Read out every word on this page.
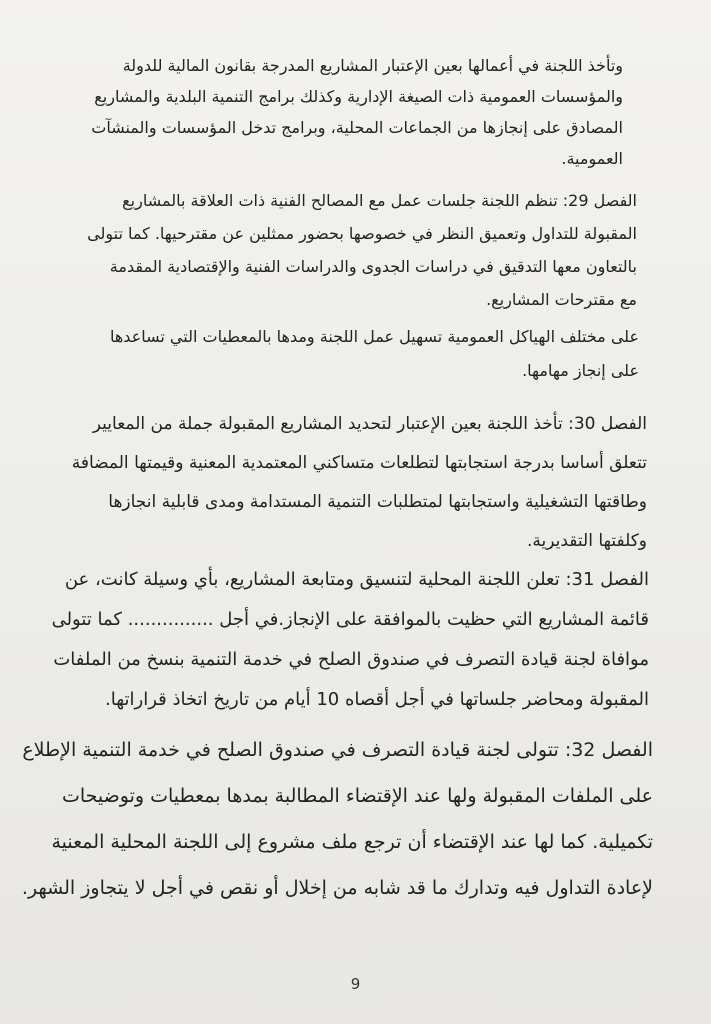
وتأخذ اللجنة في أعمالها بعين الإعتبار المشاريع المدرجة بقانون المالية للدولة
والمؤسسات العمومية ذات الصيغة الإدارية وكذلك برامج التنمية البلدية والمشاريع
المصادق على إنجازها من الجماعات المحلية، وبرامج تدخل المؤسسات والمنشآت
العمومية.
الفصل 29: تنظم اللجنة جلسات عمل مع المصالح الفنية ذات العلاقة بالمشاريع
المقبولة للتداول وتعميق النظر في خصوصها بحضور ممثلين عن مقترحيها. كما تتولى
بالتعاون معها التدقيق في دراسات الجدوى والدراسات الفنية والإقتصادية المقدمة
مع مقترحات المشاريع.
على مختلف الهياكل العمومية تسهيل عمل اللجنة ومدها بالمعطيات التي تساعدها
على إنجاز مهامها.
الفصل 30: تأخذ اللجنة بعين الإعتبار لتحديد المشاريع المقبولة جملة من المعايير
تتعلق أساسا بدرجة استجابتها لتطلعات متساكني المعتمدية المعنية وقيمتها المضافة
وطاقتها التشغيلية واستجابتها لمتطلبات التنمية المستدامة ومدى قابلية انجازها
وكلفتها التقديرية.
الفصل 31: تعلن اللجنة المحلية لتنسيق ومتابعة المشاريع، بأي وسيلة كانت، عن
قائمة المشاريع التي حظيت بالموافقة على الإنجاز.في أجل ............... كما تتولى
موافاة لجنة قيادة التصرف في صندوق الصلح في خدمة التنمية بنسخ من الملفات
المقبولة ومحاضر جلساتها في أجل أقصاه 10 أيام من تاريخ اتخاذ قراراتها.
الفصل 32: تتولى لجنة قيادة التصرف في صندوق الصلح في خدمة التنمية الإطلاع
على الملفات المقبولة ولها عند الإقتضاء المطالبة بمدها بمعطيات وتوضيحات
تكميلية. كما لها عند الإقتضاء أن ترجع ملف مشروع إلى اللجنة المحلية المعنية
لإعادة التداول فيه وتدارك ما قد شابه من إخلال أو نقص في أجل لا يتجاوز الشهر.
9
